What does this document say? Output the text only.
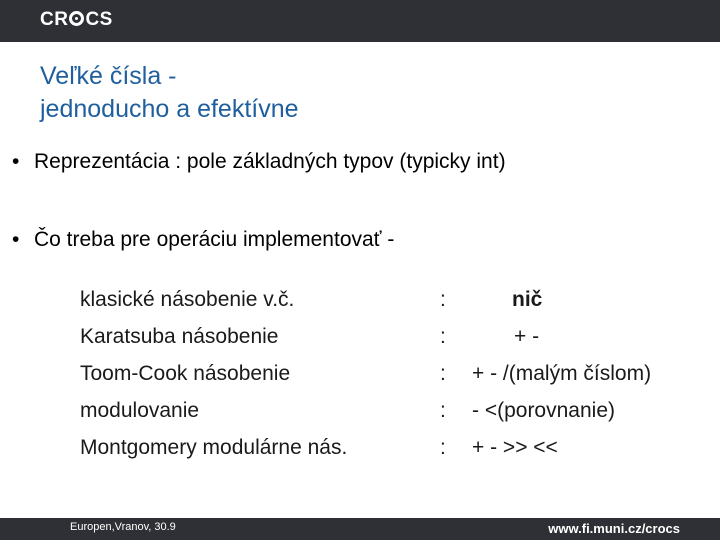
CR CS
Veľké čísla -
jednoducho a efektívne
• Reprezentácia : pole základných typov (typicky int)
• Čo treba pre operáciu implementovať -
klasické násobenie v.č.	:	nič
Karatsuba násobenie	:	+ -
Toom-Cook násobenie	: + - /(malým číslom)
modulovanie	: - <(porovnanie)
Montgomery modulárne nás.	: + - >> <<
Europen,Vranov, 30.9	www.fi.muni.cz/crocs
